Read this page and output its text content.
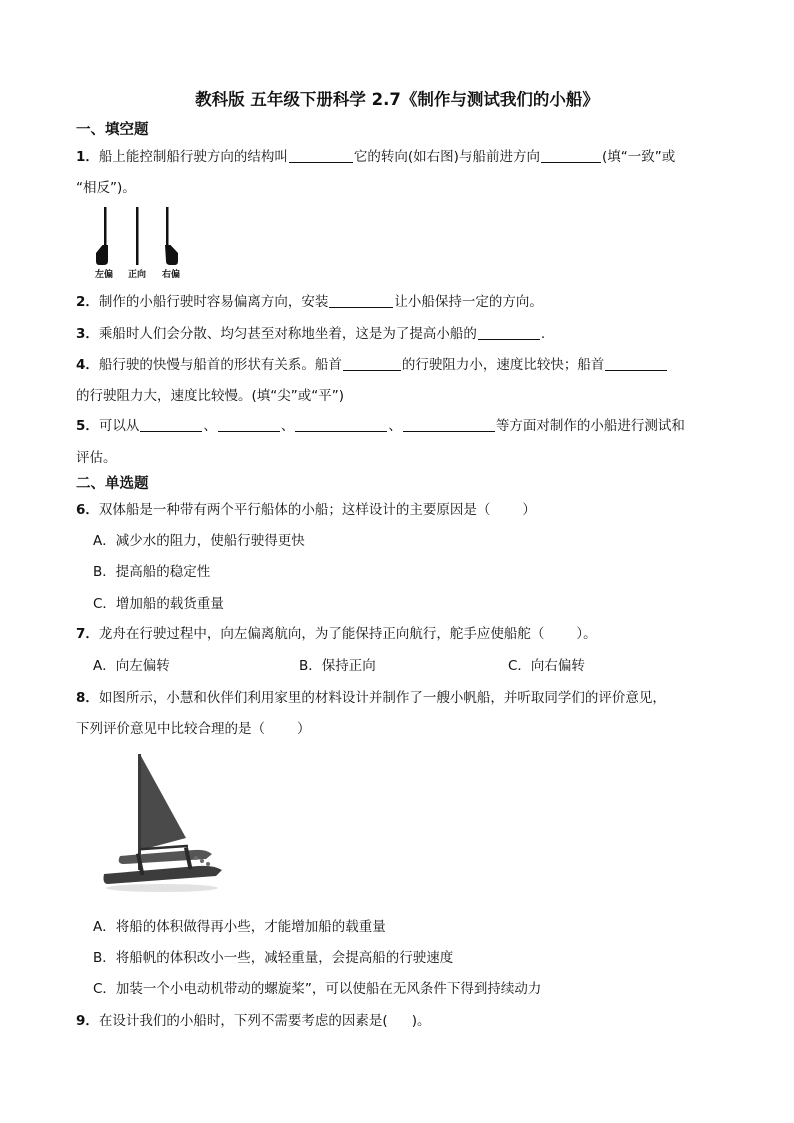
教科版 五年级下册科学 2.7《制作与测试我们的小船》
一、填空题
1．船上能控制船行驶方向的结构叫	它的转向(如右图)与船前进方向	(填“一致”或
“相反”)。
左偏 正向 右偏
2．制作的小船行驶时容易偏离方向，安装	让小船保持一定的方向。
3．乘船时人们会分散、均匀甚至对称地坐着，这是为了提高小船的	.
4．船行驶的快慢与船首的形状有关系。船首	的行驶阻力小，速度比较快；船首
的行驶阻力大，速度比较慢。(填“尖”或“平”)
5．可以从	、	、	、	等方面对制作的小船进行测试和
评估。
二、单选题
6．双体船是一种带有两个平行船体的小船；这样设计的主要原因是（ ）
A．减少水的阻力，使船行驶得更快
B．提高船的稳定性
C．增加船的载货重量
7．龙舟在行驶过程中，向左偏离航向，为了能保持正向航行，舵手应使船舵（ ）。
A．向左偏转	B．保持正向	C．向右偏转
8．如图所示，小慧和伙伴们利用家里的材料设计并制作了一艘小帆船，并听取同学们的评价意见，
下列评价意见中比较合理的是（ ）
A．将船的体积做得再小些，才能增加船的载重量
B．将船帆的体积改小一些，减轻重量，会提高船的行驶速度
C．加装一个小电动机带动的螺旋桨”，可以使船在无风条件下得到持续动力
9．在设计我们的小船时，下列不需要考虑的因素是( )。
